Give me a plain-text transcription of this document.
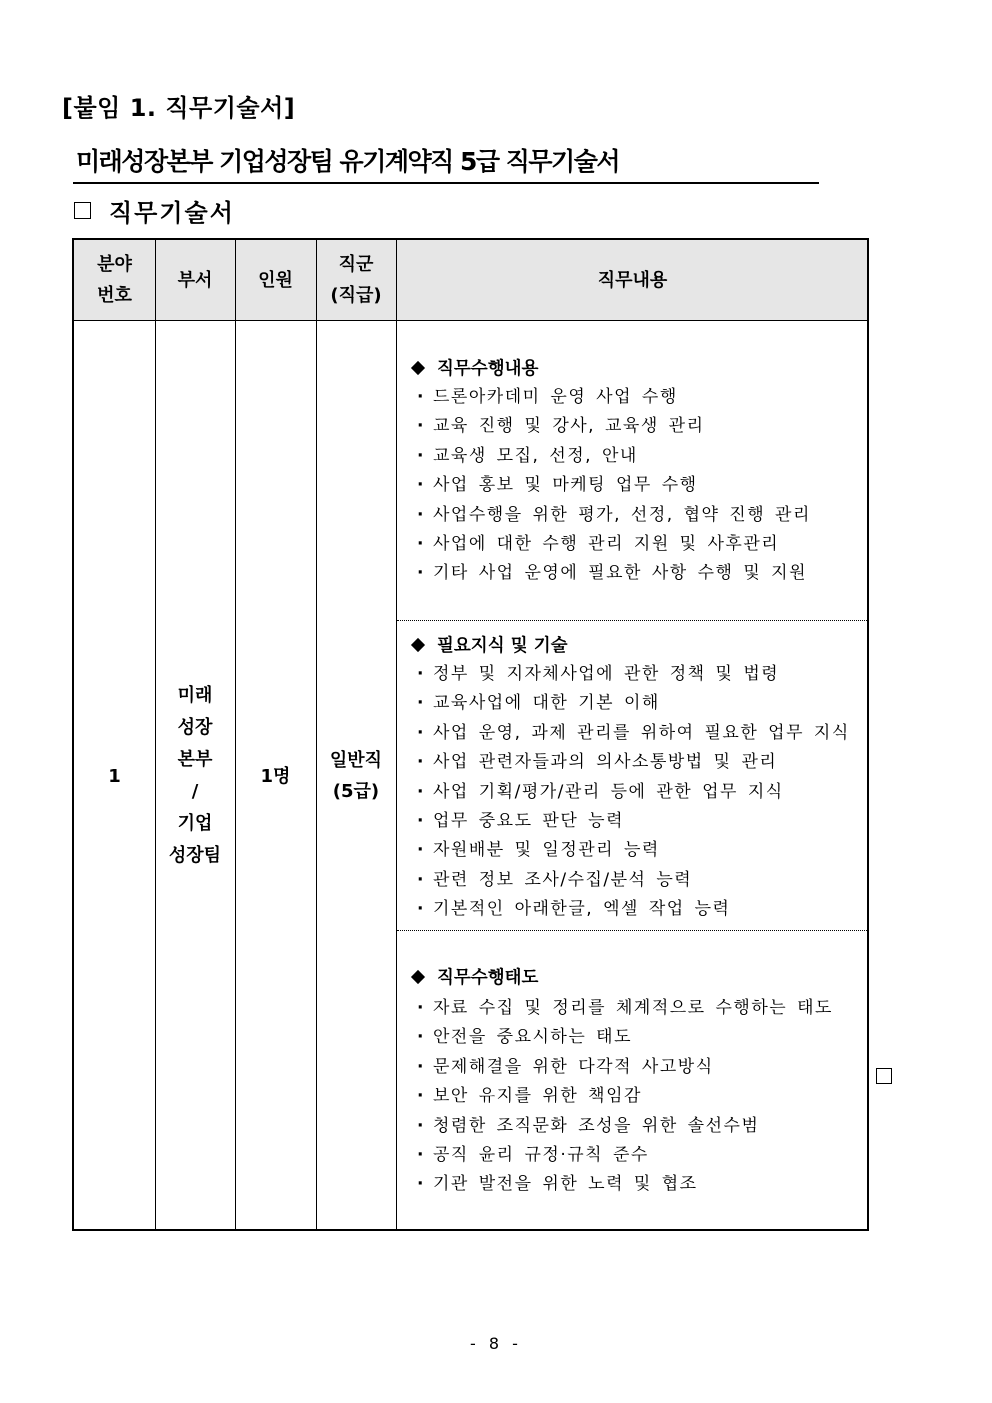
[붙임 1. 직무기술서]
미래성장본부 기업성장팀 유기계약직 5급 직무기술서
직무기술서
분야
번호
부서	인원
직군
(직급)
직무내용
1
미래
성장
본부
/
기업
성장팀
1명
일반직
(5급)
직무수행내용
· 드론아카데미 운영 사업 수행
· 교육 진행 및 강사, 교육생 관리
· 교육생 모집, 선정, 안내
· 사업 홍보 및 마케팅 업무 수행
· 사업수행을 위한 평가, 선정, 협약 진행 관리
· 사업에 대한 수행 관리 지원 및 사후관리
· 기타 사업 운영에 필요한 사항 수행 및 지원
필요지식 및 기술
· 정부 및 지자체사업에 관한 정책 및 법령
· 교육사업에 대한 기본 이해
· 사업 운영, 과제 관리를 위하여 필요한 업무 지식
· 사업 관련자들과의 의사소통방법 및 관리
· 사업 기획/평가/관리 등에 관한 업무 지식
· 업무 중요도 판단 능력
· 자원배분 및 일정관리 능력
· 관련 정보 조사/수집/분석 능력
· 기본적인 아래한글, 엑셀 작업 능력
직무수행태도
· 자료 수집 및 정리를 체계적으로 수행하는 태도
· 안전을 중요시하는 태도
· 문제해결을 위한 다각적 사고방식
· 보안 유지를 위한 책임감
· 청렴한 조직문화 조성을 위한 솔선수범
· 공직 윤리 규정·규칙 준수
· 기관 발전을 위한 노력 및 협조
- 8 -
